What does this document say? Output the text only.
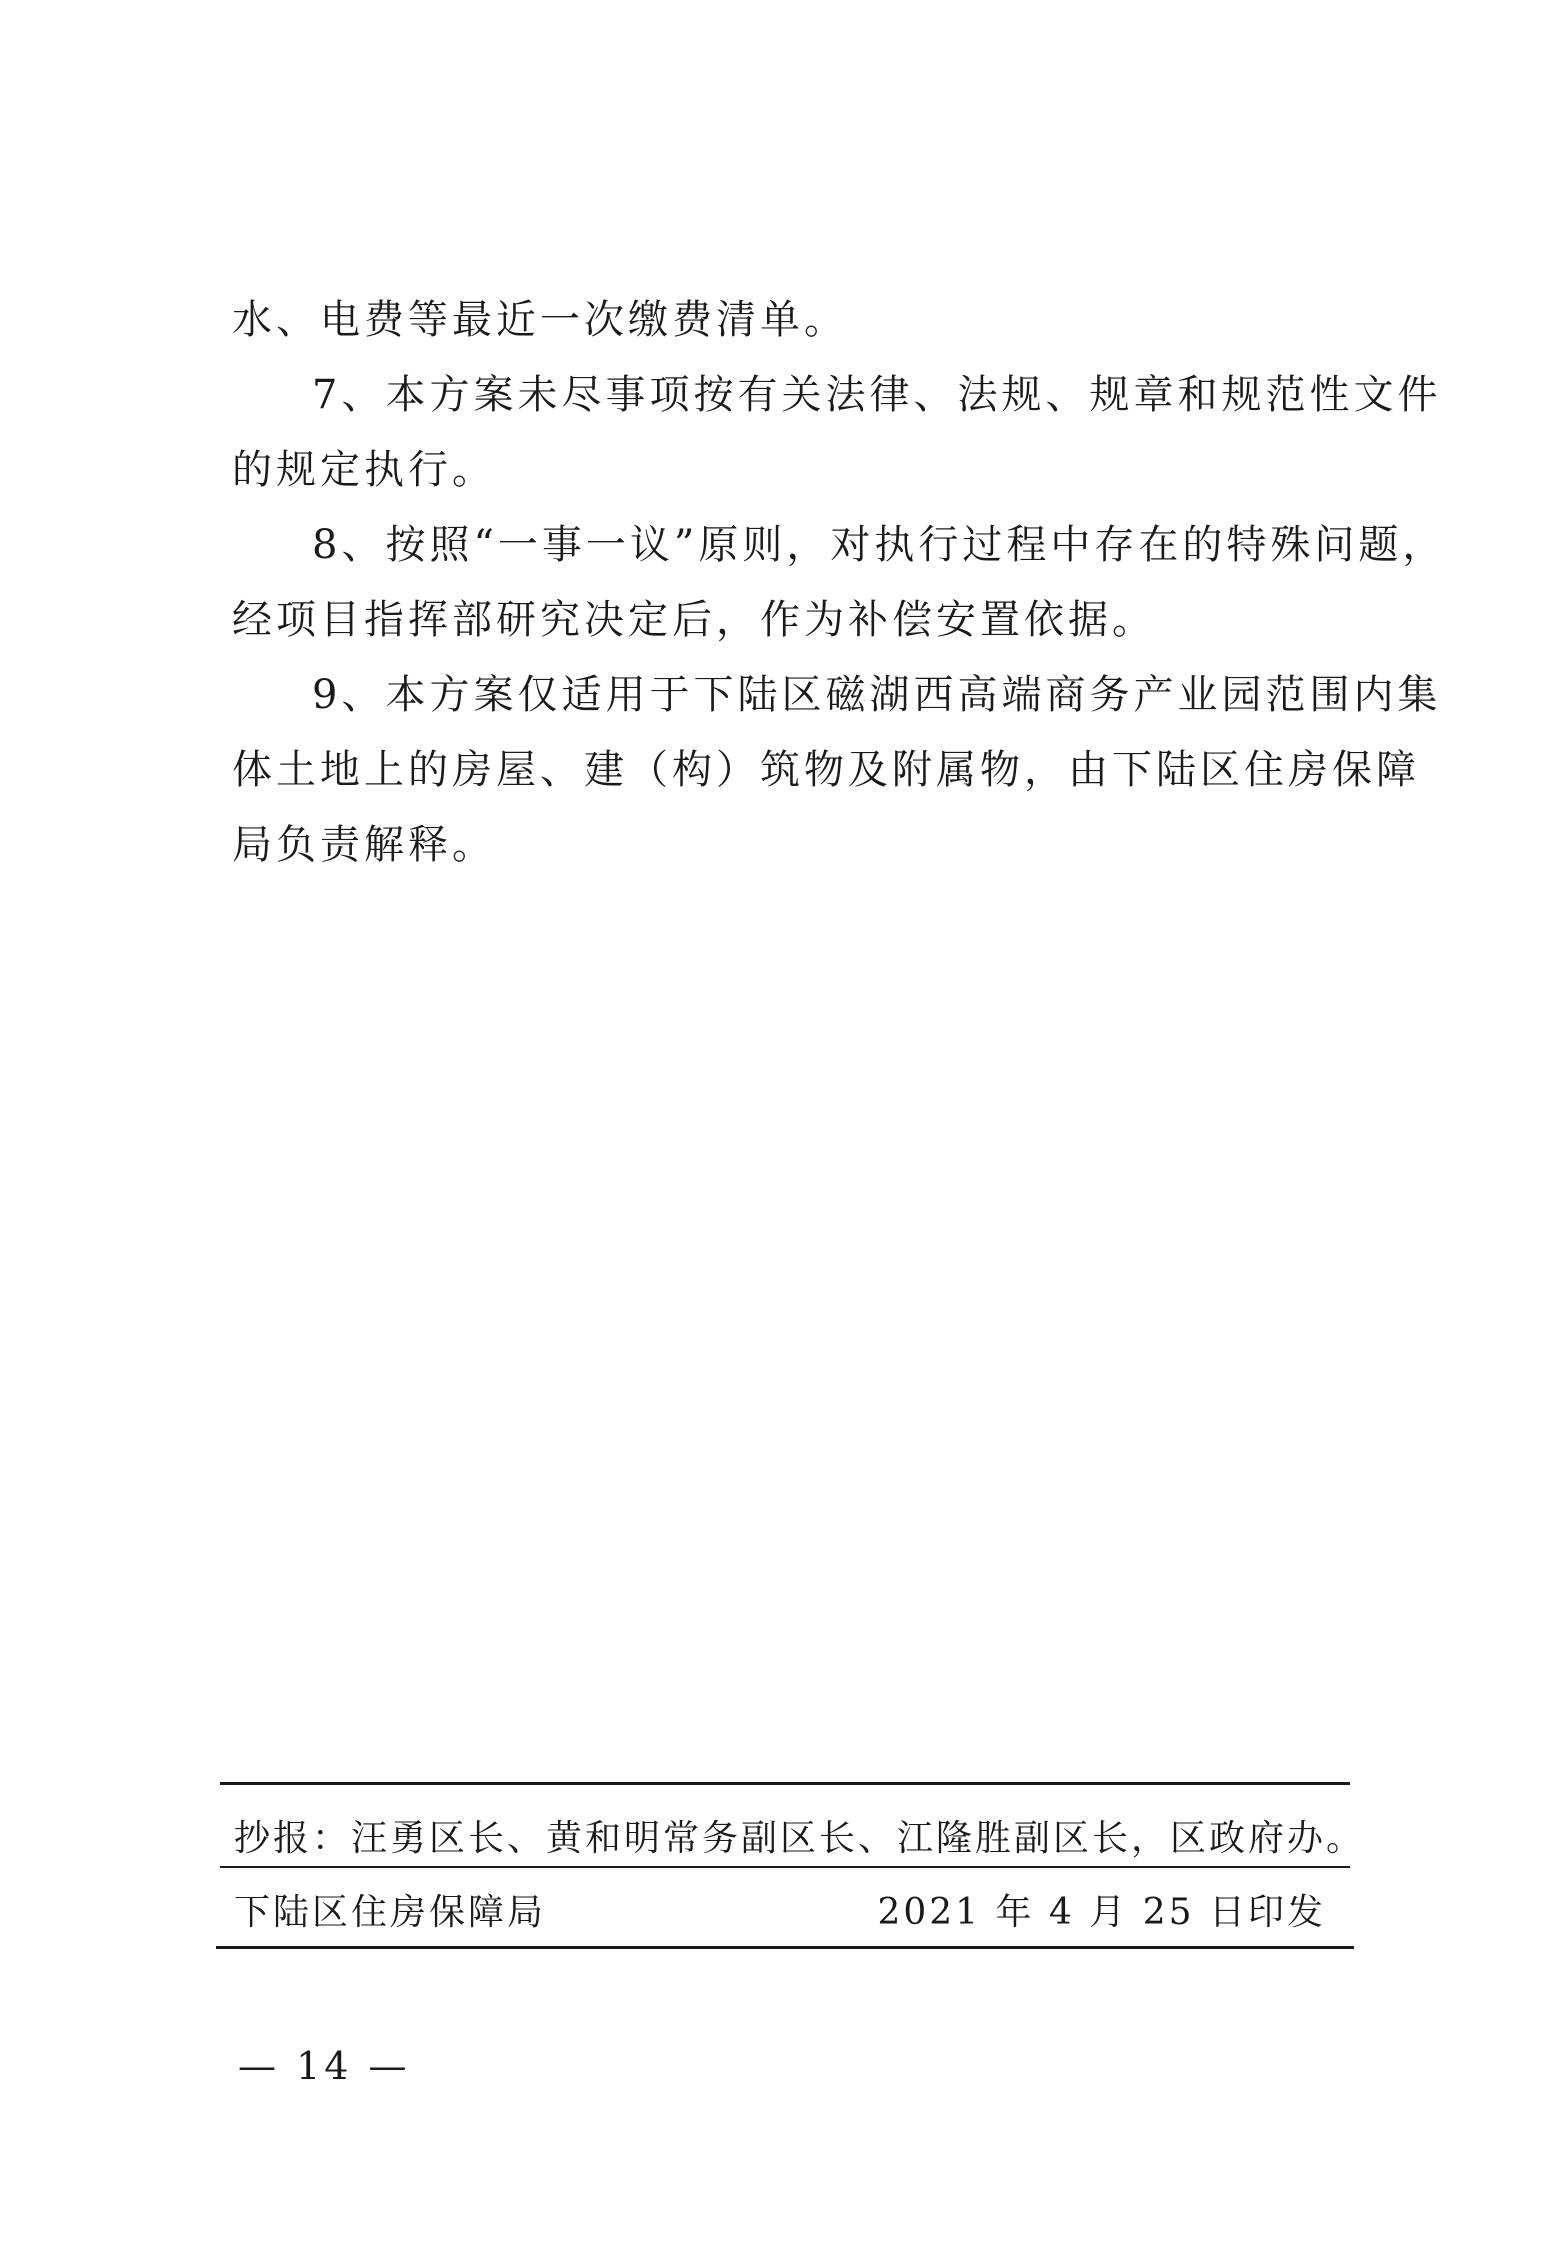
水、电费等最近一次缴费清单。

7、本方案未尽事项按有关法律、法规、规章和规范性文件

的规定执行。

8、按照“一事一议”原则，对执行过程中存在的特殊问题，

经项目指挥部研究决定后，作为补偿安置依据。

9、本方案仅适用于下陆区磁湖西高端商务产业园范围内集

体土地上的房屋、建（构）筑物及附属物，由下陆区住房保障

局负责解释。

抄报：汪勇区长、黄和明常务副区长、江隆胜副区长，区政府办。
下陆区住房保障局	2021 年 4 月 25 日印发
— 14 —
